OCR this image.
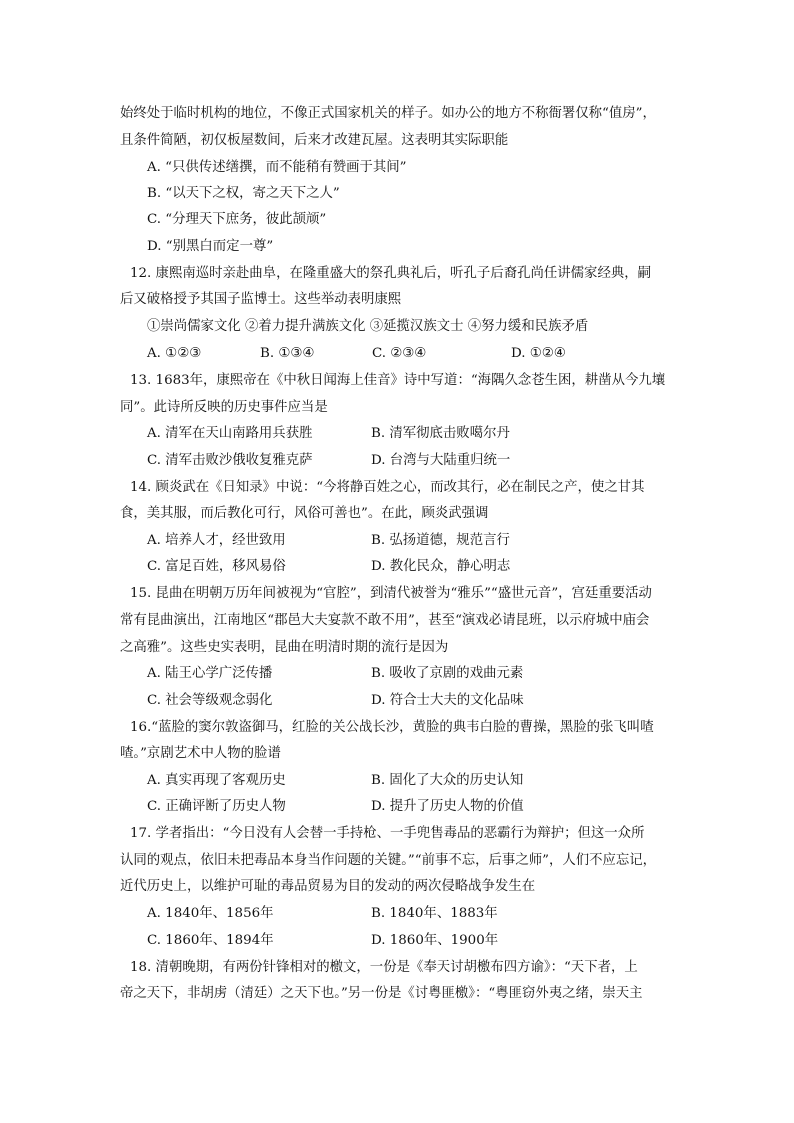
始终处于临时机构的地位，不像正式国家机关的样子。如办公的地方不称衙署仅称“值房”，
且条件简陋，初仅板屋数间，后来才改建瓦屋。这表明其实际职能
A. “只供传述缮撰，而不能稍有赞画于其间”
B. “以天下之权，寄之天下之人”
C. “分理天下庶务，彼此颉颃”
D. “别黑白而定一尊”
12. 康熙南巡时亲赴曲阜，在隆重盛大的祭孔典礼后，听孔子后裔孔尚任讲儒家经典，嗣
后又破格授予其国子监博士。这些举动表明康熙
①崇尚儒家文化 ②着力提升满族文化 ③延揽汉族文士 ④努力缓和民族矛盾
A. ①②③	B. ①③④	C. ②③④	D. ①②④
13. 1683年，康熙帝在《中秋日闻海上佳音》诗中写道：“海隅久念苍生困，耕凿从今九壤
同”。此诗所反映的历史事件应当是
A. 清军在天山南路用兵获胜	B. 清军彻底击败噶尔丹
C. 清军击败沙俄收复雅克萨	D. 台湾与大陆重归统一
14. 顾炎武在《日知录》中说：“今将静百姓之心，而改其行，必在制民之产，使之甘其
食，美其服，而后教化可行，风俗可善也”。在此，顾炎武强调
A. 培养人才，经世致用	B. 弘扬道德，规范言行
C. 富足百姓，移风易俗	D. 教化民众，静心明志
15. 昆曲在明朝万历年间被视为“官腔”，到清代被誉为“雅乐”“盛世元音”，宫廷重要活动
常有昆曲演出，江南地区“郡邑大夫宴款不敢不用”，甚至“演戏必请昆班，以示府城中庙会
之高雅”。这些史实表明，昆曲在明清时期的流行是因为
A. 陆王心学广泛传播	B. 吸收了京剧的戏曲元素
C. 社会等级观念弱化	D. 符合士大夫的文化品味
16.“蓝脸的窦尔敦盗御马，红脸的关公战长沙，黄脸的典韦白脸的曹操，黑脸的张飞叫喳
喳。”京剧艺术中人物的脸谱
A. 真实再现了客观历史	B. 固化了大众的历史认知
C. 正确评断了历史人物	D. 提升了历史人物的价值
17. 学者指出：“今日没有人会替一手持枪、一手兜售毒品的恶霸行为辩护；但这一众所
认同的观点，依旧未把毒品本身当作问题的关键。”“前事不忘，后事之师”，人们不应忘记，
近代历史上，以维护可耻的毒品贸易为目的发动的两次侵略战争发生在
A. 1840年、1856年	B. 1840年、1883年
C. 1860年、1894年	D. 1860年、1900年
18. 清朝晚期，有两份针锋相对的檄文，一份是《奉天讨胡檄布四方谕》：“天下者，上
帝之天下，非胡虏（清廷）之天下也。”另一份是《讨粤匪檄》：“粤匪窃外夷之绪，崇天主
